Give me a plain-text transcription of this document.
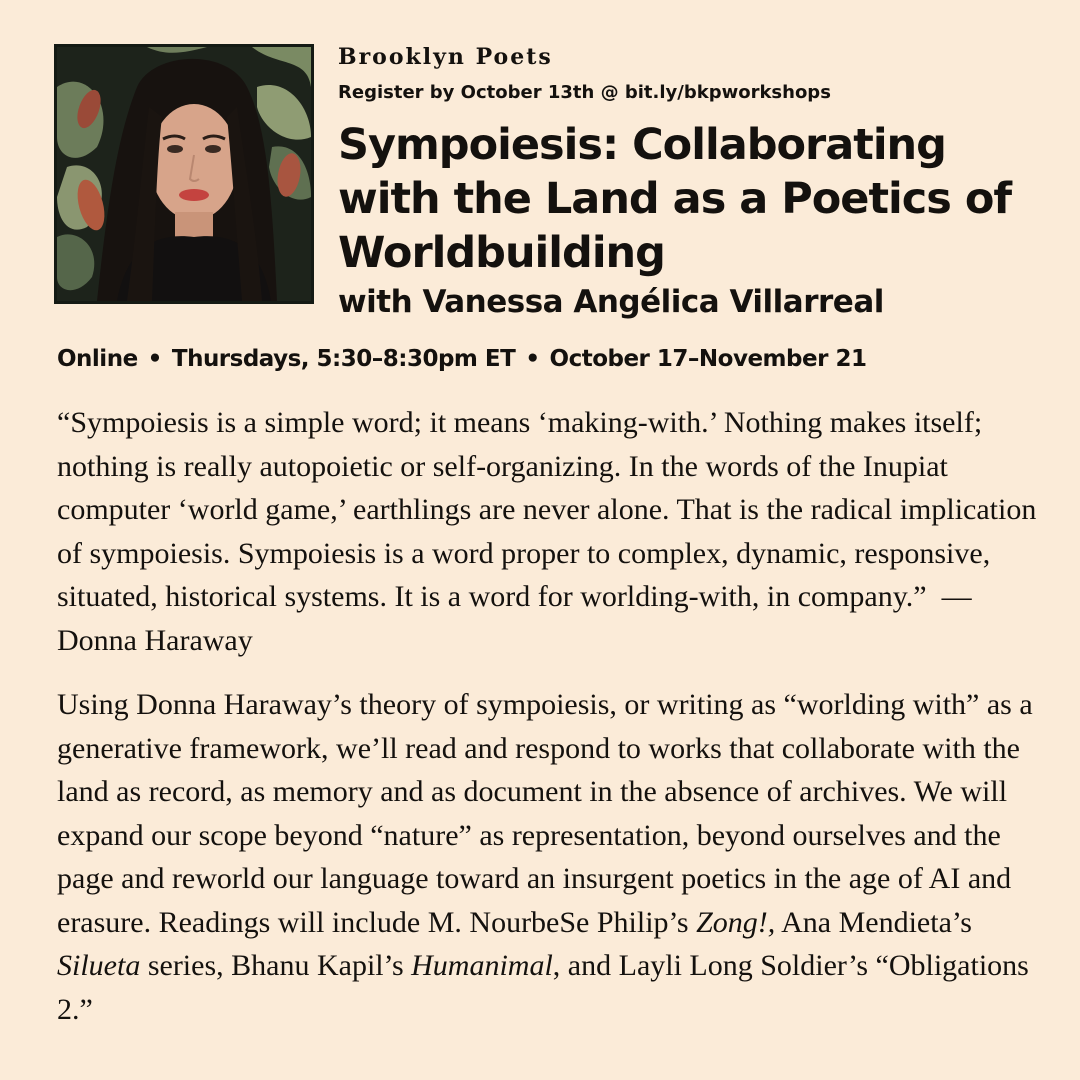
Brooklyn Poets
Register by October 13th @ bit.ly/bkpworkshops
Sympoiesis: Collaborating
with the Land as a Poetics of
Worldbuilding
with Vanessa Angélica Villarreal
Online • Thursdays, 5:30–8:30pm ET • October 17–November 21

“Sympoiesis is a simple word; it means ‘making-with.’ Nothing makes itself; nothing is really autopoietic or self-organizing. In the words of the Inupiat computer ‘world game,’ earthlings are never alone. That is the radical implication of sympoiesis. Sympoiesis is a word proper to complex, dynamic, responsive, situated, historical systems. It is a word for worlding-with, in company.” — Donna Haraway

Using Donna Haraway’s theory of sympoiesis, or writing as “worlding with” as a generative framework, we’ll read and respond to works that collaborate with the land as record, as memory and as document in the absence of archives. We will expand our scope beyond “nature” as representation, beyond ourselves and the page and reworld our language toward an insurgent poetics in the age of AI and erasure. Readings will include M. NourbeSe Philip’s Zong!, Ana Mendieta’s Silueta series, Bhanu Kapil’s Humanimal, and Layli Long Soldier’s “Obligations 2.”
